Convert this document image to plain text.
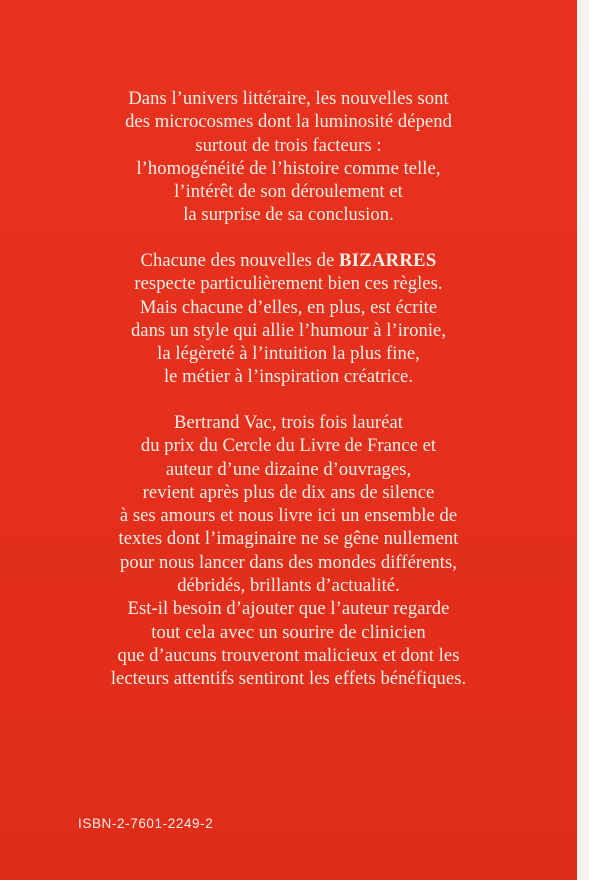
Dans l’univers littéraire, les nouvelles sont
des microcosmes dont la luminosité dépend
surtout de trois facteurs :
l’homogénéité de l’histoire comme telle,
l’intérêt de son déroulement et
la surprise de sa conclusion.
Chacune des nouvelles de BIZARRES
respecte particulièrement bien ces règles.
Mais chacune d’elles, en plus, est écrite
dans un style qui allie l’humour à l’ironie,
la légèreté à l’intuition la plus fine,
le métier à l’inspiration créatrice.
Bertrand Vac, trois fois lauréat
du prix du Cercle du Livre de France et
auteur d’une dizaine d’ouvrages,
revient après plus de dix ans de silence
à ses amours et nous livre ici un ensemble de
textes dont l’imaginaire ne se gêne nullement
pour nous lancer dans des mondes différents,
débridés, brillants d’actualité.
Est-il besoin d’ajouter que l’auteur regarde
tout cela avec un sourire de clinicien
que d’aucuns trouveront malicieux et dont les
lecteurs attentifs sentiront les effets bénéfiques.
ISBN-2-7601-2249-2
